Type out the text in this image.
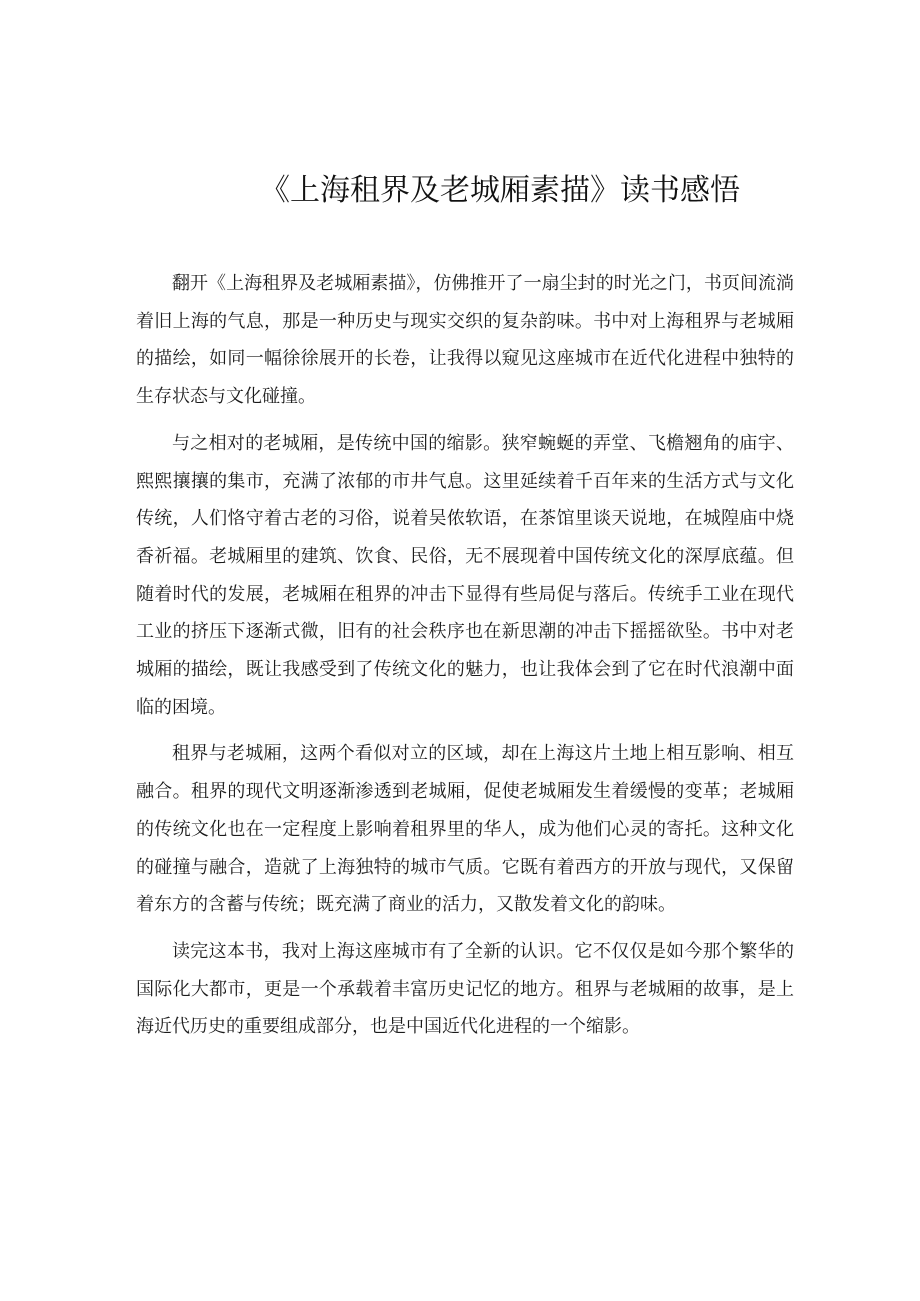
《上海租界及老城厢素描》读书感悟

翻开《上海租界及老城厢素描》，仿佛推开了一扇尘封的时光之门，书页间流淌着旧上海的气息，那是一种历史与现实交织的复杂韵味。书中对上海租界与老城厢的描绘，如同一幅徐徐展开的长卷，让我得以窥见这座城市在近代化进程中独特的生存状态与文化碰撞。

与之相对的老城厢，是传统中国的缩影。狭窄蜿蜒的弄堂、飞檐翘角的庙宇、熙熙攘攘的集市，充满了浓郁的市井气息。这里延续着千百年来的生活方式与文化传统，人们恪守着古老的习俗，说着吴侬软语，在茶馆里谈天说地，在城隍庙中烧香祈福。老城厢里的建筑、饮食、民俗，无不展现着中国传统文化的深厚底蕴。但随着时代的发展，老城厢在租界的冲击下显得有些局促与落后。传统手工业在现代工业的挤压下逐渐式微，旧有的社会秩序也在新思潮的冲击下摇摇欲坠。书中对老城厢的描绘，既让我感受到了传统文化的魅力，也让我体会到了它在时代浪潮中面临的困境。

租界与老城厢，这两个看似对立的区域，却在上海这片土地上相互影响、相互融合。租界的现代文明逐渐渗透到老城厢，促使老城厢发生着缓慢的变革；老城厢的传统文化也在一定程度上影响着租界里的华人，成为他们心灵的寄托。这种文化的碰撞与融合，造就了上海独特的城市气质。它既有着西方的开放与现代，又保留着东方的含蓄与传统；既充满了商业的活力，又散发着文化的韵味。

读完这本书，我对上海这座城市有了全新的认识。它不仅仅是如今那个繁华的国际化大都市，更是一个承载着丰富历史记忆的地方。租界与老城厢的故事，是上海近代历史的重要组成部分，也是中国近代化进程的一个缩影。
